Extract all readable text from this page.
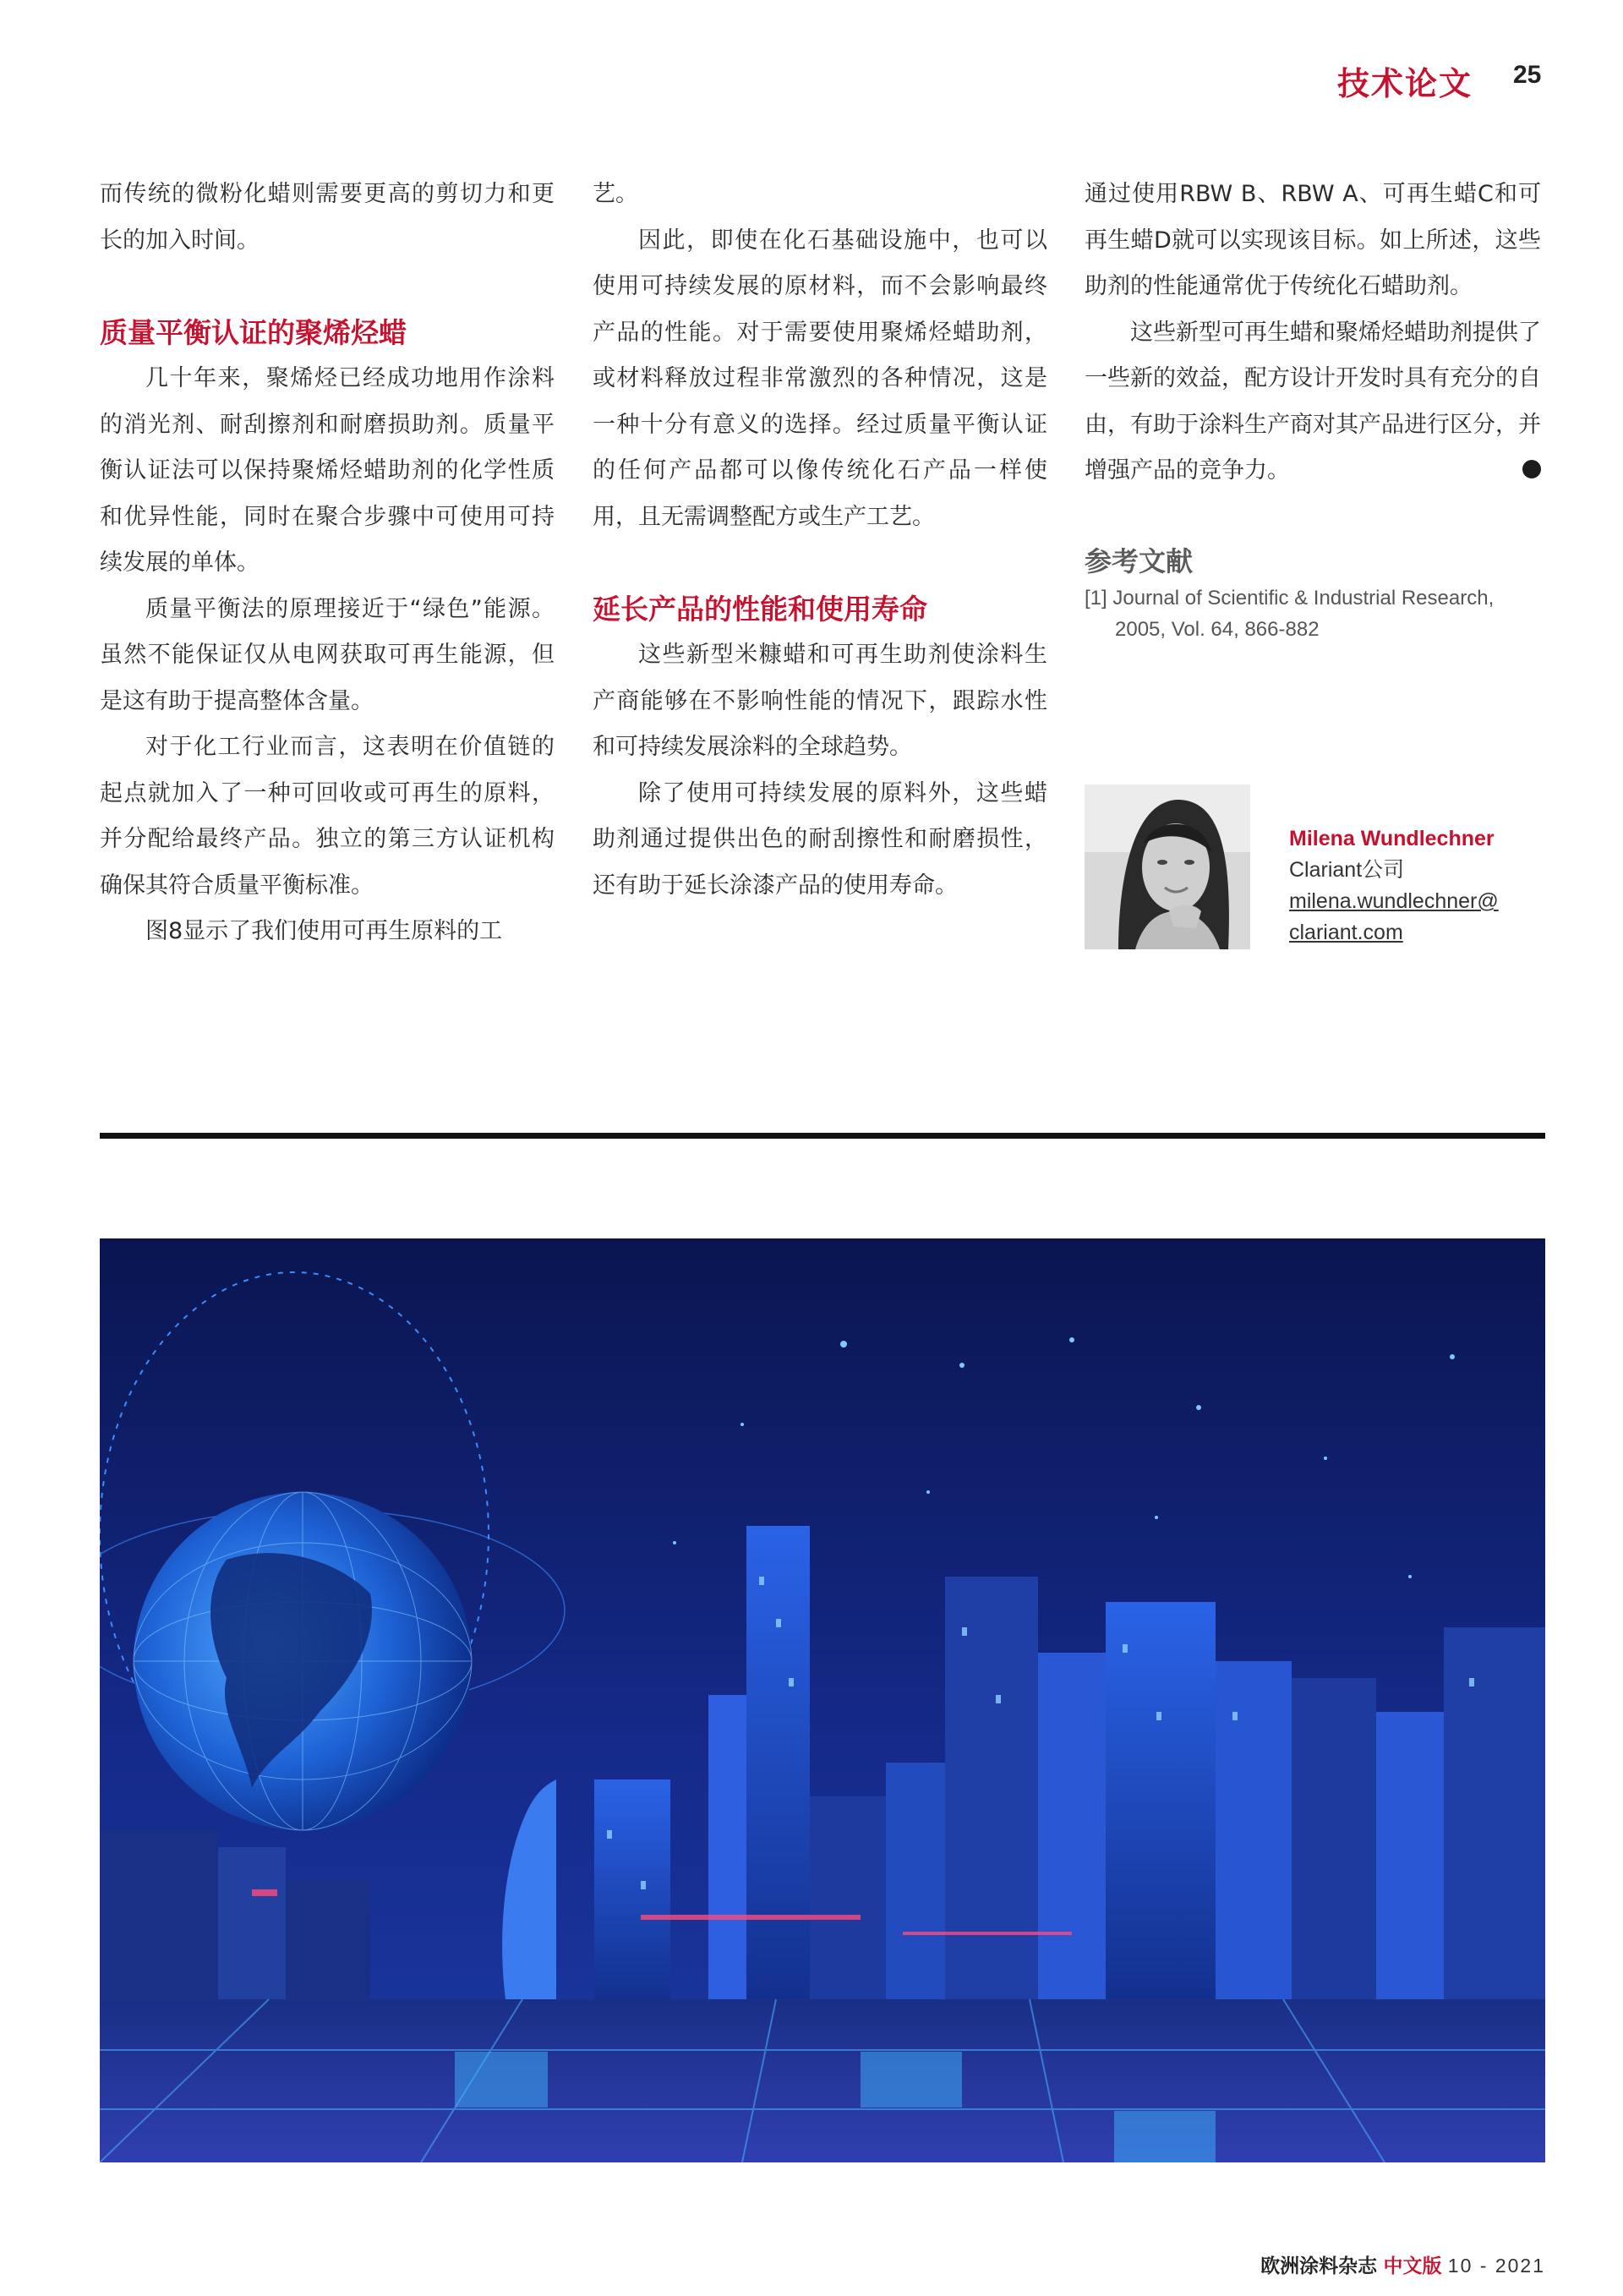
技术论文 25

而传统的微粉化蜡则需要更高的剪切力和更长的加入时间。

质量平衡认证的聚烯烃蜡

几十年来，聚烯烃已经成功地用作涂料的消光剂、耐刮擦剂和耐磨损助剂。质量平衡认证法可以保持聚烯烃蜡助剂的化学性质和优异性能，同时在聚合步骤中可使用可持续发展的单体。

质量平衡法的原理接近于“绿色”能源。虽然不能保证仅从电网获取可再生能源，但是这有助于提高整体含量。

对于化工行业而言，这表明在价值链的起点就加入了一种可回收或可再生的原料，并分配给最终产品。独立的第三方认证机构确保其符合质量平衡标准。

图8显示了我们使用可再生原料的工

艺。

因此，即使在化石基础设施中，也可以使用可持续发展的原材料，而不会影响最终产品的性能。对于需要使用聚烯烃蜡助剂，或材料释放过程非常激烈的各种情况，这是一种十分有意义的选择。经过质量平衡认证的任何产品都可以像传统化石产品一样使用，且无需调整配方或生产工艺。

延长产品的性能和使用寿命

这些新型米糠蜡和可再生助剂使涂料生产商能够在不影响性能的情况下，跟踪水性和可持续发展涂料的全球趋势。

除了使用可持续发展的原料外，这些蜡助剂通过提供出色的耐刮擦性和耐磨损性，还有助于延长涂漆产品的使用寿命。

通过使用RBW B、RBW A、可再生蜡C和可再生蜡D就可以实现该目标。如上所述，这些助剂的性能通常优于传统化石蜡助剂。

这些新型可再生蜡和聚烯烃蜡助剂提供了一些新的效益，配方设计开发时具有充分的自由，有助于涂料生产商对其产品进行区分，并增强产品的竞争力。	❮

参考文献
[1] Journal of Scientific & Industrial Research,
2005, Vol. 64, 866-882
Milena Wundlechner
Clariant公司
milena.wundlechner@
clariant.com
欧洲涂料杂志 中文版 10 - 2021
